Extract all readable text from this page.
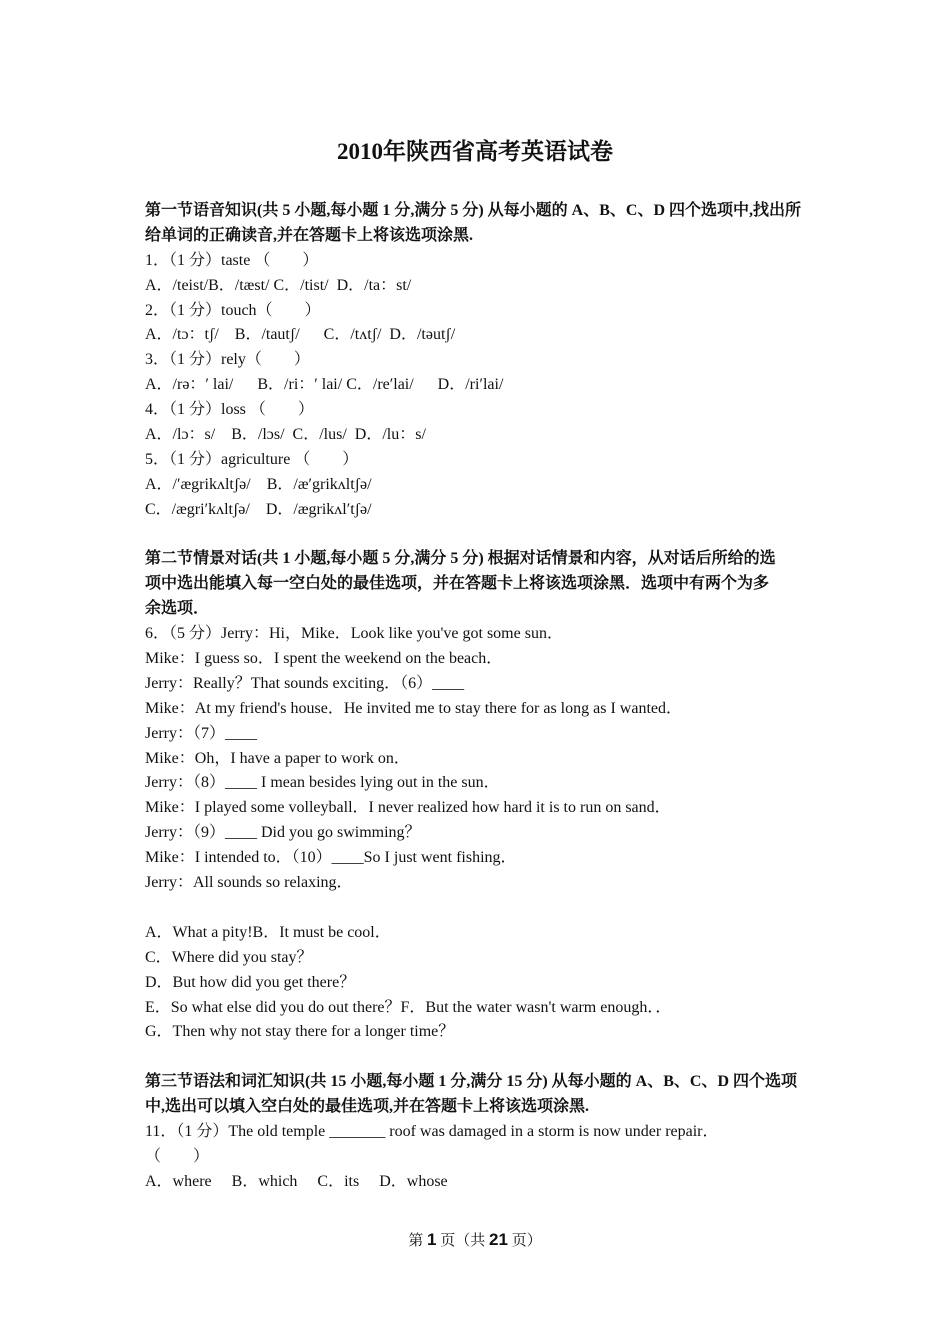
2010年陕西省高考英语试卷
第一节语音知识(共 5 小题,每小题 1 分,满分 5 分) 从每小题的 A、B、C、D 四个选项中,找出所
给单词的正确读音,并在答题卡上将该选项涂黑.
1．（1 分）taste （　　）
A．/teist/B．/tæst/ C．/tist/  D．/ta：st/
2．（1 分）touch（　　）
A．/tɔ：tʃ/    B．/tautʃ/      C．/tʌtʃ/  D．/təutʃ/
3．（1 分）rely（　　）
A．/rə：′ lai/      B．/ri：′ lai/ C．/re′lai/      D．/ri′lai/
4．（1 分）loss （　　）
A．/lɔ：s/    B．/lɔs/  C．/lus/  D．/lu：s/
5．（1 分）agriculture （　　）
A．/′ægrikʌltʃə/    B．/æ′grikʌltʃə/
C．/ægri′kʌltʃə/    D．/ægrikʌl′tʃə/
第二节情景对话(共 1 小题,每小题 5 分,满分 5 分) 根据对话情景和内容，从对话后所给的选
项中选出能填入每一空白处的最佳选项，并在答题卡上将该选项涂黑．选项中有两个为多
余选项．
6．（5 分）Jerry：Hi，Mike．Look like you've got some sun．
Mike：I guess so．I spent the weekend on the beach．
Jerry：Really？That sounds exciting．（6）____
Mike：At my friend's house．He invited me to stay there for as long as I wanted．
Jerry：（7）____
Mike：Oh，I have a paper to work on．
Jerry：（8）____ I mean besides lying out in the sun．
Mike：I played some volleyball．I never realized how hard it is to run on sand．
Jerry：（9）____ Did you go swimming？
Mike：I intended to．（10）____So I just went fishing．
Jerry：All sounds so relaxing．
A．What a pity!B．It must be cool．
C．Where did you stay？
D．But how did you get there？
E．So what else did you do out there？F．But the water wasn't warm enough．．
G．Then why not stay there for a longer time？
第三节语法和词汇知识(共 15 小题,每小题 1 分,满分 15 分) 从每小题的 A、B、C、D 四个选项
中,选出可以填入空白处的最佳选项,并在答题卡上将该选项涂黑.
11．（1 分）The old temple _______ roof was damaged in a storm is now under repair．
（　　）
A．where     B．which     C．its     D．whose
第 1 页（共 21 页）
